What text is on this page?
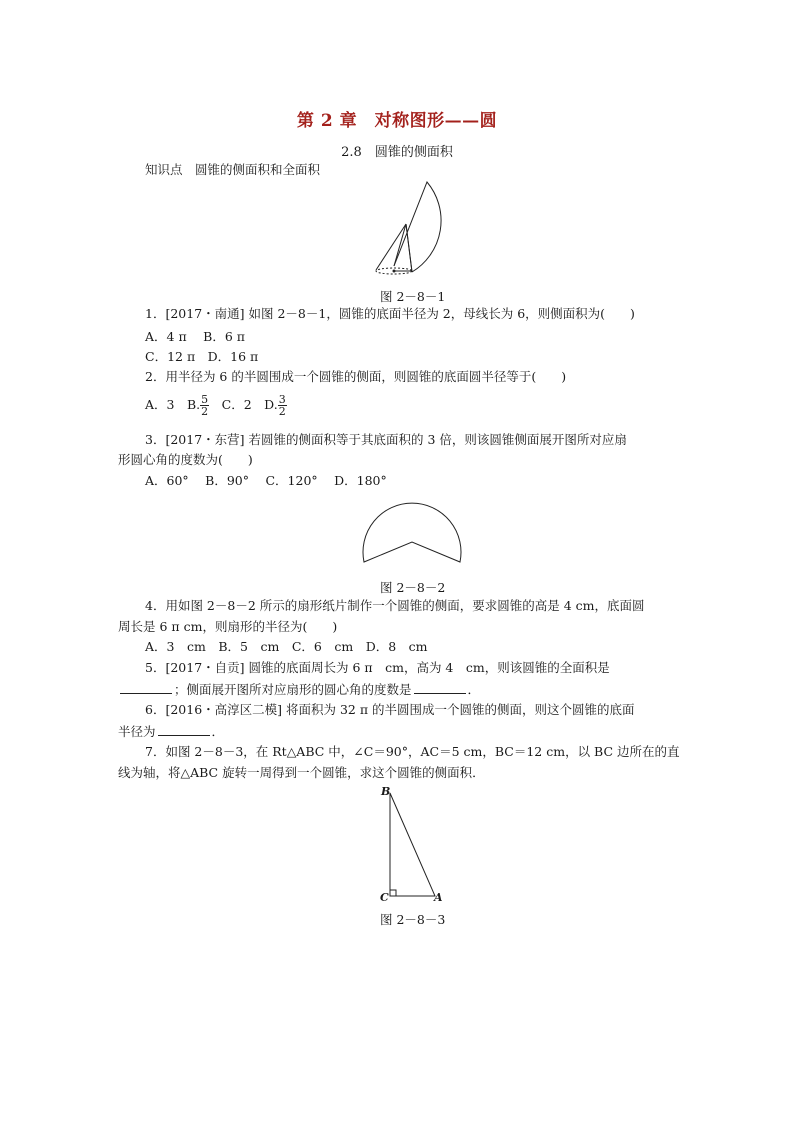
第 2 章　对称图形——圆
2.8　圆锥的侧面积
知识点　圆锥的侧面积和全面积
图 2－8－1
1．[2017・南通] 如图 2－8－1，圆锥的底面半径为 2，母线长为 6，则侧面积为(　　)
A．4 π　 B．6 π
C．12 π　D．16 π
2．用半径为 6 的半圆围成一个圆锥的侧面，则圆锥的底面圆半径等于(　　)
A．3　B. $\frac{5}{2}$ 　C．2　D. $\frac{3}{2}$
3．[2017・东营] 若圆锥的侧面积等于其底面积的 3 倍，则该圆锥侧面展开图所对应扇
形圆心角的度数为(　　)
A．60°　 B．90°　 C．120°　 D．180°
图 2－8－2
4．用如图 2－8－2 所示的扇形纸片制作一个圆锥的侧面，要求圆锥的高是 4 cm，底面圆
周长是 6 π cm，则扇形的半径为(　　)
A．3　cm　B．5　cm　C．6　cm　D．8　cm
5．[2017・自贡] 圆锥的底面周长为 6 π　cm，高为 4　cm，则该圆锥的全面积是
；侧面展开图所对应扇形的圆心角的度数是	．
6．[2016・高淳区二模] 将面积为 32 π 的半圆围成一个圆锥的侧面，则这个圆锥的底面
半径为	．
7．如图 2－8－3，在 Rt△ABC 中，∠C＝90°，AC＝5 cm，BC＝12 cm，以 BC 边所在的直
线为轴，将△ABC 旋转一周得到一个圆锥，求这个圆锥的侧面积．
B
C	A
图 2－8－3
